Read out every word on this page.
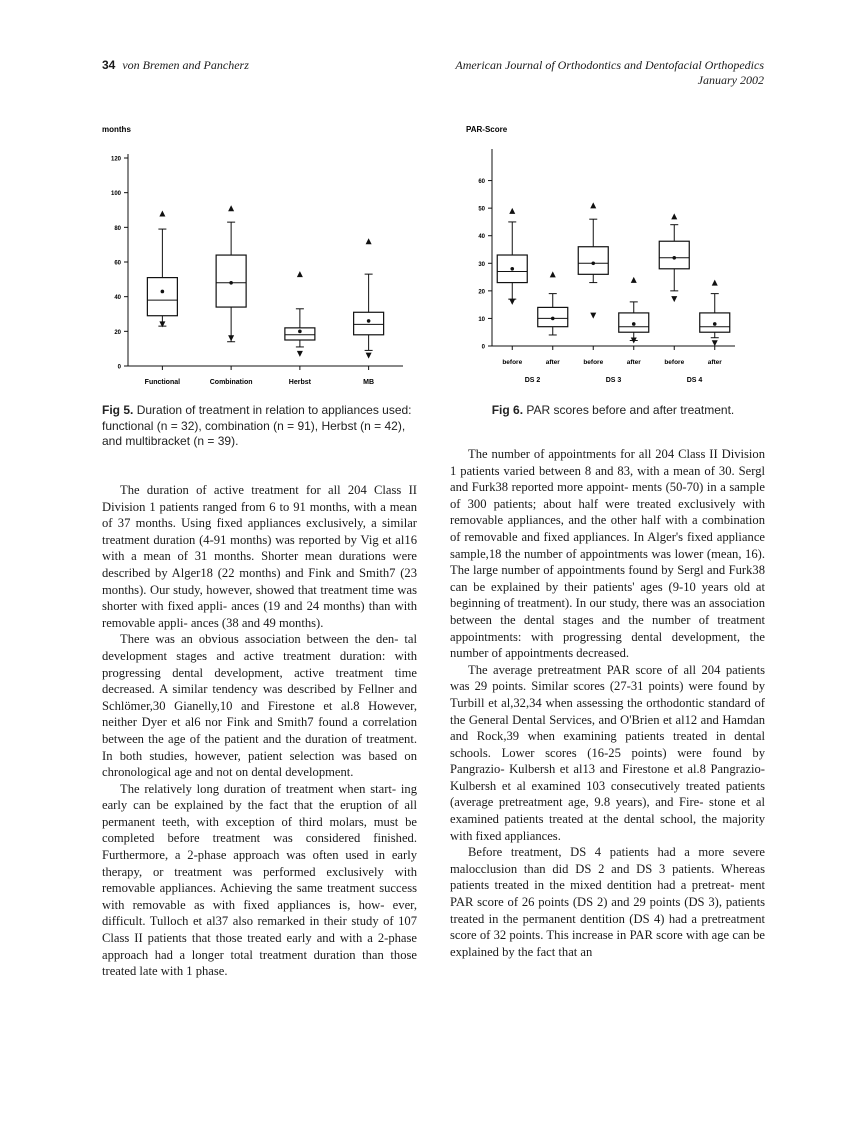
34 von Bremen and Pancherz	American Journal of Orthodontics and Dentofacial Orthopedics
January 2002
months
0
20
40
60
80
100
120
Functional	Combination	Herbst	MB
PAR-Score
0
10
20
30
40
50
60
before	after	before	after	before	after
DS 2	DS 3	DS 4
Fig 5. Duration of treatment in relation to appliances used: functional (n = 32), combination (n = 91), Herbst (n = 42), and multibracket (n = 39).
Fig 6. PAR scores before and after treatment.

The duration of active treatment for all 204 Class II Division 1 patients ranged from 6 to 91 months, with a mean of 37 months. Using fixed appliances exclusively, a similar treatment duration (4-91 months) was reported by Vig et al16 with a mean of 31 months. Shorter mean durations were described by Alger18 (22 months) and Fink and Smith7 (23 months). Our study, however, showed that treatment time was shorter with fixed appli- ances (19 and 24 months) than with removable appli- ances (38 and 49 months).

There was an obvious association between the den- tal development stages and active treatment duration: with progressing dental development, active treatment time decreased. A similar tendency was described by Fellner and Schlömer,30 Gianelly,10 and Firestone et al.8 However, neither Dyer et al6 nor Fink and Smith7 found a correlation between the age of the patient and the duration of treatment. In both studies, however, patient selection was based on chronological age and not on dental development.

The relatively long duration of treatment when start- ing early can be explained by the fact that the eruption of all permanent teeth, with exception of third molars, must be completed before treatment was considered finished. Furthermore, a 2-phase approach was often used in early therapy, or treatment was performed exclusively with removable appliances. Achieving the same treatment success with removable as with fixed appliances is, how- ever, difficult. Tulloch et al37 also remarked in their study of 107 Class II patients that those treated early and with a 2-phase approach had a longer total treatment duration than those treated late with 1 phase.

The number of appointments for all 204 Class II Division 1 patients varied between 8 and 83, with a mean of 30. Sergl and Furk38 reported more appoint- ments (50-70) in a sample of 300 patients; about half were treated exclusively with removable appliances, and the other half with a combination of removable and fixed appliances. In Alger's fixed appliance sample,18 the number of appointments was lower (mean, 16). The large number of appointments found by Sergl and Furk38 can be explained by their patients' ages (9-10 years old at beginning of treatment). In our study, there was an association between the dental stages and the number of treatment appointments: with progressing dental development, the number of appointments decreased.

The average pretreatment PAR score of all 204 patients was 29 points. Similar scores (27-31 points) were found by Turbill et al,32,34 when assessing the orthodontic standard of the General Dental Services, and O'Brien et al12 and Hamdan and Rock,39 when examining patients treated in dental schools. Lower scores (16-25 points) were found by Pangrazio- Kulbersh et al13 and Firestone et al.8 Pangrazio- Kulbersh et al examined 103 consecutively treated patients (average pretreatment age, 9.8 years), and Fire- stone et al examined patients treated at the dental school, the majority with fixed appliances.

Before treatment, DS 4 patients had a more severe malocclusion than did DS 2 and DS 3 patients. Whereas patients treated in the mixed dentition had a pretreat- ment PAR score of 26 points (DS 2) and 29 points (DS 3), patients treated in the permanent dentition (DS 4) had a pretreatment score of 32 points. This increase in PAR score with age can be explained by the fact that an
